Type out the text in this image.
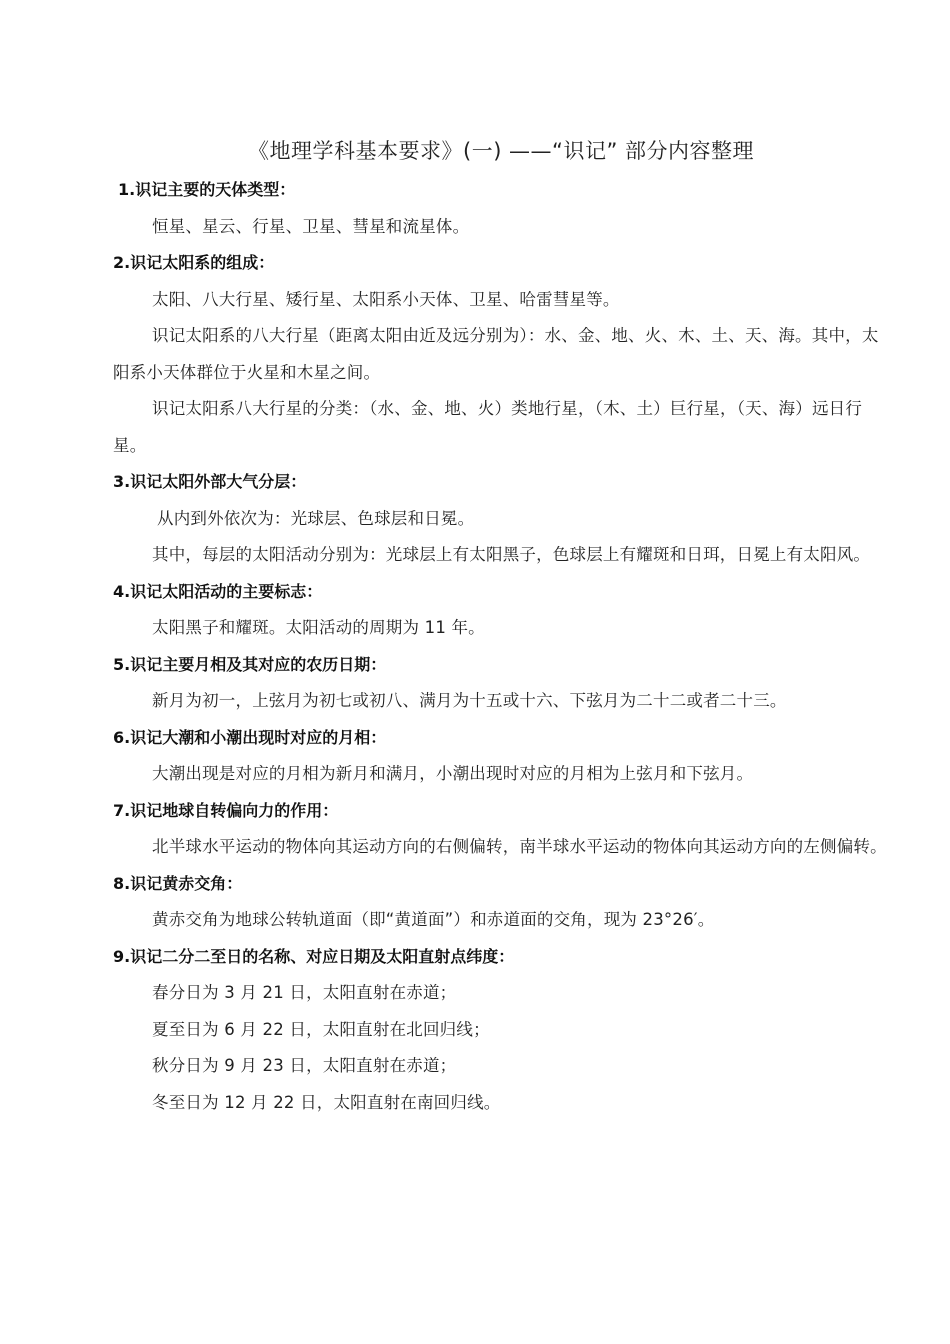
《地理学科基本要求》(一) ——“识记” 部分内容整理
1.识记主要的天体类型：
恒星、星云、行星、卫星、彗星和流星体。
2.识记太阳系的组成：
太阳、八大行星、矮行星、太阳系小天体、卫星、哈雷彗星等。
识记太阳系的八大行星（距离太阳由近及远分别为）：水、金、地、火、木、土、天、海。其中，太阳系小天体群位于火星和木星之间。
识记太阳系八大行星的分类：（水、金、地、火）类地行星，（木、土）巨行星，（天、海）远日行星。
3.识记太阳外部大气分层：
从内到外依次为：光球层、色球层和日冕。
其中，每层的太阳活动分别为：光球层上有太阳黑子，色球层上有耀斑和日珥，日冕上有太阳风。
4.识记太阳活动的主要标志：
太阳黑子和耀斑。太阳活动的周期为 11 年。
5.识记主要月相及其对应的农历日期：
新月为初一，上弦月为初七或初八、满月为十五或十六、下弦月为二十二或者二十三。
6.识记大潮和小潮出现时对应的月相：
大潮出现是对应的月相为新月和满月，小潮出现时对应的月相为上弦月和下弦月。
7.识记地球自转偏向力的作用：
北半球水平运动的物体向其运动方向的右侧偏转，南半球水平运动的物体向其运动方向的左侧偏转。
8.识记黄赤交角：
黄赤交角为地球公转轨道面（即“黄道面”）和赤道面的交角，现为 23°26′。
9.识记二分二至日的名称、对应日期及太阳直射点纬度：
春分日为 3 月 21 日，太阳直射在赤道；
夏至日为 6 月 22 日，太阳直射在北回归线；
秋分日为 9 月 23 日，太阳直射在赤道；
冬至日为 12 月 22 日，太阳直射在南回归线。
